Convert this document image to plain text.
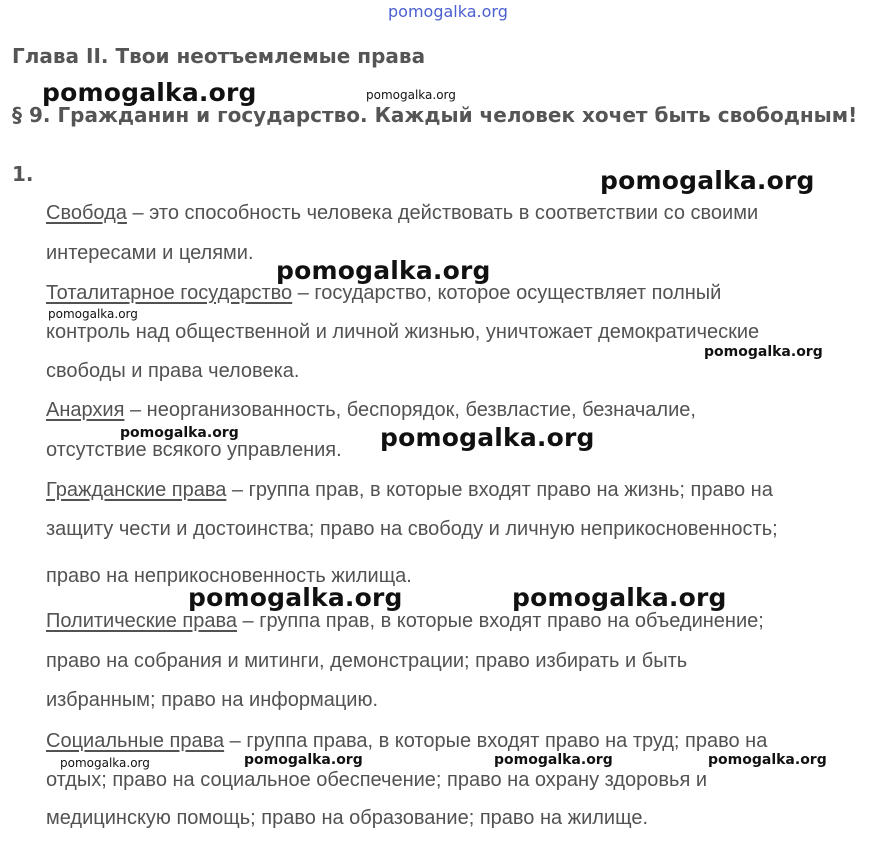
pomogalka.org
Глава II. Твои неотъемлемые права
§ 9. Гражданин и государство. Каждый человек хочет быть свободным!
1.
Свобода – это способность человека действовать в соответствии со своими
интересами и целями.
Тоталитарное государство – государство, которое осуществляет полный
контроль над общественной и личной жизнью, уничтожает демократические
свободы и права человека.
Анархия – неорганизованность, беспорядок, безвластие, безначалие,
отсутствие всякого управления.
Гражданские права – группа прав, в которые входят право на жизнь; право на
защиту чести и достоинства; право на свободу и личную неприкосновенность;
право на неприкосновенность жилища.
Политические права – группа прав, в которые входят право на объединение;
право на собрания и митинги, демонстрации; право избирать и быть
избранным; право на информацию.
Социальные права – группа права, в которые входят право на труд; право на
отдых; право на социальное обеспечение; право на охрану здоровья и
медицинскую помощь; право на образование; право на жилище.
pomogalka.org	pomogalka.org
pomogalka.org
pomogalka.org
pomogalka.org
pomogalka.org
pomogalka.org	pomogalka.org
pomogalka.org	pomogalka.org
pomogalka.org	pomogalka.org	pomogalka.org	pomogalka.org
